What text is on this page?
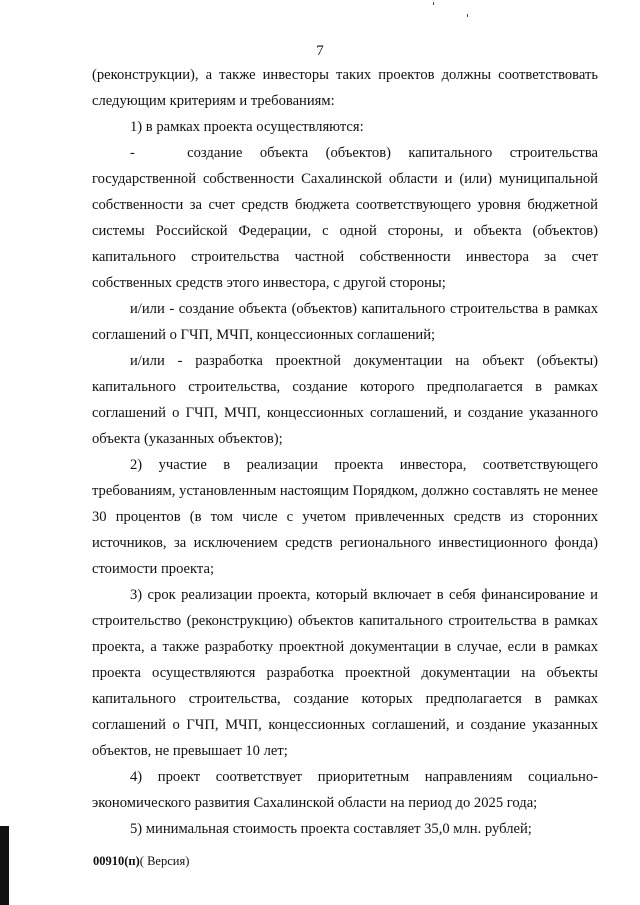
7

(реконструкции), а также инвесторы таких проектов должны соответствовать следующим критериям и требованиям:

1) в рамках проекта осуществляются:

-   создание объекта (объектов) капитального строительства государственной собственности Сахалинской области и (или) муниципальной собственности за счет средств бюджета соответствующего уровня бюджетной системы Российской Федерации, с одной стороны, и объекта (объектов) капитального строительства частной собственности инвестора за счет собственных средств этого инвестора, с другой стороны;

и/или - создание объекта (объектов) капитального строительства в рамках соглашений о ГЧП, МЧП, концессионных соглашений;

и/или - разработка проектной документации на объект (объекты) капитального строительства, создание которого предполагается в рамках соглашений о ГЧП, МЧП, концессионных соглашений, и создание указанного объекта (указанных объектов);

2) участие в реализации проекта инвестора, соответствующего требованиям, установленным настоящим Порядком, должно составлять не менее 30 процентов (в том числе с учетом привлеченных средств из сторонних источников, за исключением средств регионального инвестиционного фонда) стоимости проекта;

3) срок реализации проекта, который включает в себя финансирование и строительство (реконструкцию) объектов капитального строительства в рамках проекта, а также разработку проектной документации в случае, если в рамках проекта осуществляются разработка проектной документации на объекты капитального строительства, создание которых предполагается в рамках соглашений о ГЧП, МЧП, концессионных соглашений, и создание указанных объектов, не превышает 10 лет;

4) проект соответствует приоритетным направлениям социально-экономического развития Сахалинской области на период до 2025 года;

5) минимальная стоимость проекта составляет 35,0 млн. рублей;

00910(п)( Версия)
